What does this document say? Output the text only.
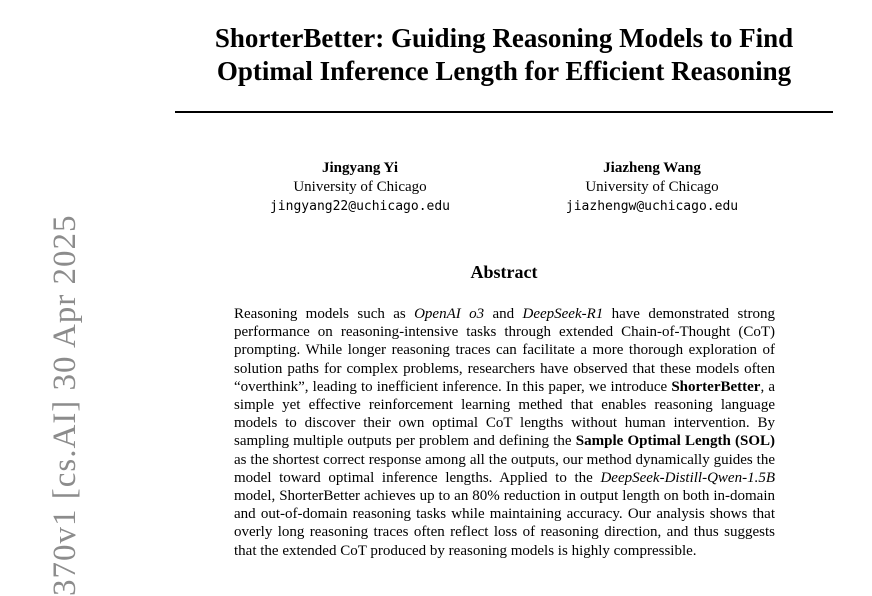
370v1 [cs.AI] 30 Apr 2025
ShorterBetter: Guiding Reasoning Models to Find Optimal Inference Length for Efficient Reasoning
Jingyang Yi
University of Chicago
jingyang22@uchicago.edu
Jiazheng Wang
University of Chicago
jiazhengw@uchicago.edu
Abstract

Reasoning models such as OpenAI o3 and DeepSeek-R1 have demonstrated strong performance on reasoning-intensive tasks through extended Chain-of-Thought (CoT) prompting. While longer reasoning traces can facilitate a more thorough exploration of solution paths for complex problems, researchers have observed that these models often “overthink”, leading to inefficient inference. In this paper, we introduce ShorterBetter, a simple yet effective reinforcement learning methed that enables reasoning language models to discover their own optimal CoT lengths without human intervention. By sampling multiple outputs per problem and defining the Sample Optimal Length (SOL) as the shortest correct response among all the outputs, our method dynamically guides the model toward optimal inference lengths. Applied to the DeepSeek-Distill-Qwen-1.5B model, ShorterBetter achieves up to an 80% reduction in output length on both in-domain and out-of-domain reasoning tasks while maintaining accuracy. Our analysis shows that overly long reasoning traces often reflect loss of reasoning direction, and thus suggests that the extended CoT produced by reasoning models is highly compressible.
